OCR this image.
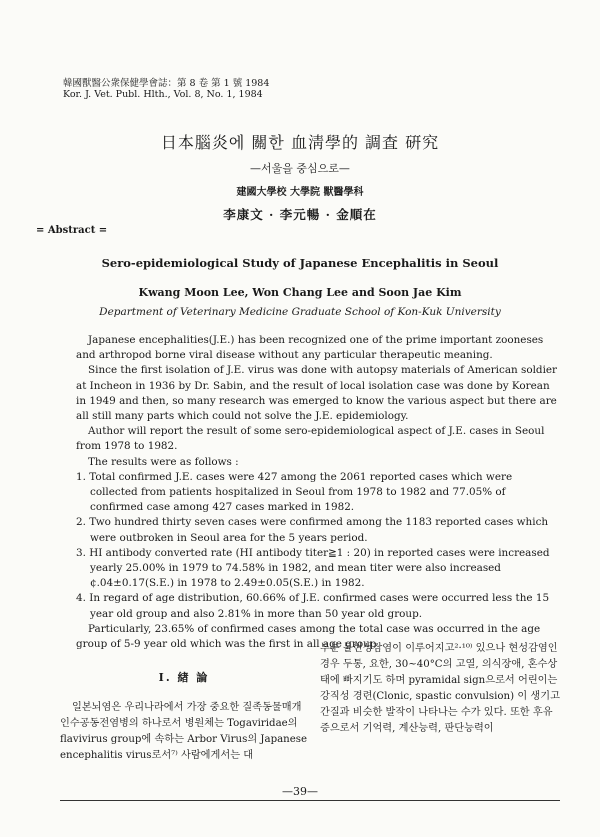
韓國獸醫公衆保健學會誌：第 8 卷 第 1 號 1984
Kor. J. Vet. Publ. Hlth., Vol. 8, No. 1, 1984
日本腦炎에 關한 血淸學的 調査 硏究
—서울을 중심으로—
建國大學校 大學院 獸醫學科
李康文 · 李元暢 · 金順在
= Abstract =
Sero-epidemiological Study of Japanese Encephalitis in Seoul
Kwang Moon Lee, Won Chang Lee and Soon Jae Kim
Department of Veterinary Medicine Graduate School of Kon-Kuk University

Japanese encephalities(J.E.) has been recognized one of the prime important zooneses and arthropod borne viral disease without any particular therapeutic meaning.

Since the first isolation of J.E. virus was done with autopsy materials of American soldier at Incheon in 1936 by Dr. Sabin, and the result of local isolation case was done by Korean in 1949 and then, so many research was emerged to know the various aspect but there are all still many parts which could not solve the J.E. epidemiology.

Author will report the result of some sero-epidemiological aspect of J.E. cases in Seoul from 1978 to 1982.

The results were as follows :

1. Total confirmed J.E. cases were 427 among the 2061 reported cases which were collected from patients hospitalized in Seoul from 1978 to 1982 and 77.05% of confirmed case among 427 cases marked in 1982.

2. Two hundred thirty seven cases were confirmed among the 1183 reported cases which were outbroken in Seoul area for the 5 years period.

3. HI antibody converted rate (HI antibody titer≧1 : 20) in reported cases were increased yearly 25.00% in 1979 to 74.58% in 1982, and mean titer were also increased ¢.04±0.17(S.E.) in 1978 to 2.49±0.05(S.E.) in 1982.

4. In regard of age distribution, 60.66% of J.E. confirmed cases were occurred less the 15 year old group and also 2.81% in more than 50 year old group.

Particularly, 23.65% of confirmed cases among the total case was occurred in the age group of 5-9 year old which was the first in all age group.

I. 緖 論

일본뇌염은 우리나라에서 가장 중요한 질족동물매개 인수공동전염병의 하나로서 병원체는 Togaviridae의 flavivirus group에 속하는 Arbor Virus의 Japanese encephalitis virus로서⁷⁾ 사람에게서는 대

부분 불현성감염이 이루어지고²·¹⁰⁾ 있으나 현성감염인 경우 두통, 요한, 30~40°C의 고열, 의식장애, 혼수상태에 빠지기도 하며 pyramidal sign으로서 어린이는 강직성 경련(Clonic, spastic convulsion) 이 생기고 간질과 비슷한 발작이 나타나는 수가 있다. 또한 후유증으로서 기억력, 계산능력, 판단능력이

—39—
